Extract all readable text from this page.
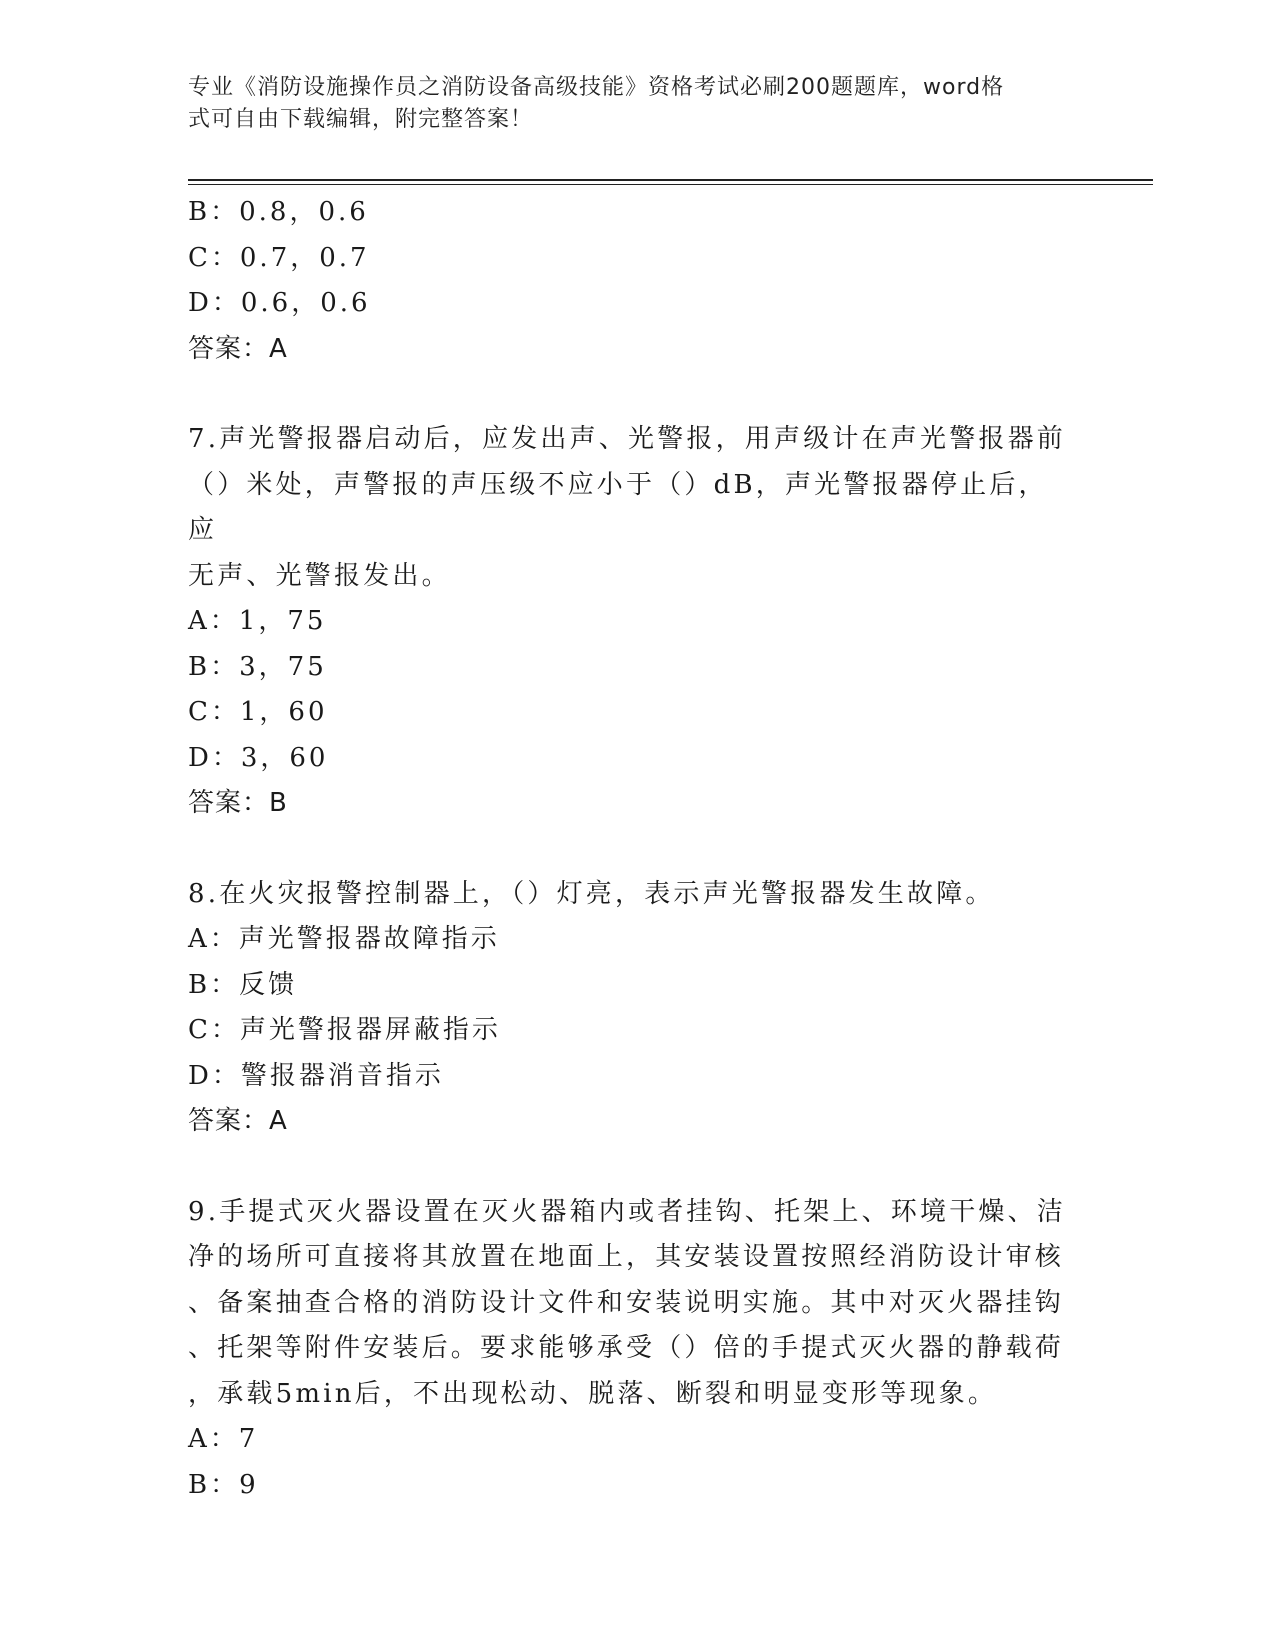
专业《消防设施操作员之消防设备高级技能》资格考试必刷200题题库，word格
式可自由下载编辑，附完整答案！
B：0.8，0.6
C：0.7，0.7
D：0.6，0.6
答案：A
7.声光警报器启动后，应发出声、光警报，用声级计在声光警报器前
（）米处，声警报的声压级不应小于（）dB，声光警报器停止后，应
无声、光警报发出。
A：1，75
B：3，75
C：1，60
D：3，60
答案：B
8.在火灾报警控制器上，（）灯亮，表示声光警报器发生故障。
A：声光警报器故障指示
B：反馈
C：声光警报器屏蔽指示
D：警报器消音指示
答案：A
9.手提式灭火器设置在灭火器箱内或者挂钩、托架上、环境干燥、洁
净的场所可直接将其放置在地面上，其安装设置按照经消防设计审核
、备案抽查合格的消防设计文件和安装说明实施。其中对灭火器挂钩
、托架等附件安装后。要求能够承受（）倍的手提式灭火器的静载荷
，承载5min后，不出现松动、脱落、断裂和明显变形等现象。
A：7
B：9
